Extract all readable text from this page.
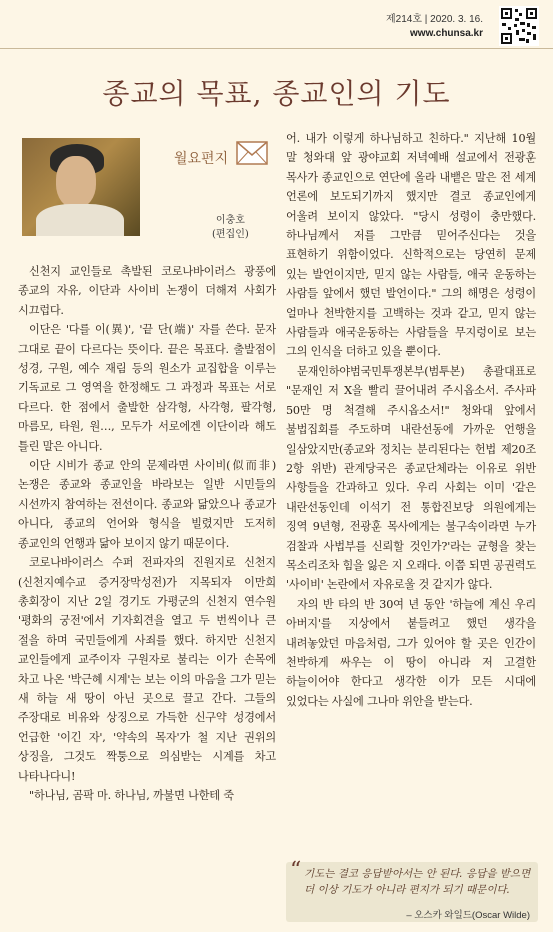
제214호 | 2020. 3. 16.
www.chunsa.kr
종교의 목표, 종교인의 기도
월요편지
이충호
(편집인)

신천지 교인들로 촉발된 코로나바이러스 광풍에 종교의 자유, 이단과 사이비 논쟁이 더해져 사회가 시끄럽다.

이단은 '다를 이(異)', '끝 단(端)' 자를 쓴다. 문자 그대로 끝이 다르다는 뜻이다. 끝은 목표다. 출발점이 성경, 구원, 예수 재림 등의 원소가 교집합을 이루는 기독교로 그 영역을 한정해도 그 과정과 목표는 서로 다르다. 한 점에서 출발한 삼각형, 사각형, 팔각형, 마름모, 타원, 원…, 모두가 서로에겐 이단이라 해도 틀린 말은 아니다.

이단 시비가 종교 안의 문제라면 사이비(似而非) 논쟁은 종교와 종교인을 바라보는 일반 시민들의 시선까지 참여하는 전선이다. 종교와 닮았으나 종교가 아니다, 종교의 언어와 형식을 빌렸지만 도저히 종교인의 언행과 닮아 보이지 않기 때문이다.

코로나바이러스 수퍼 전파자의 진원지로 신천지(신천지예수교 증거장막성전)가 지목되자 이만희 총회장이 지난 2일 경기도 가평군의 신천지 연수원 '평화의 궁전'에서 기자회견을 열고 두 번씩이나 큰 절을 하며 국민들에게 사죄를 했다. 하지만 신천지 교인들에게 교주이자 구원자로 불리는 이가 손목에 차고 나온 '박근혜 시계'는 보는 이의 마음을 그가 믿는 새 하늘 새 땅이 아닌 곳으로 끌고 간다. 그들의 주장대로 비유와 상징으로 가득한 신구약 성경에서 언급한 '이긴 자', '약속의 목자'가 철 지난 권위의 상징을, 그것도 짝퉁으로 의심받는 시계를 차고 나타나다니!

"하나님, 곰팍 마. 하나님, 까불면 나한테 죽

어. 내가 이렇게 하나님하고 친하다." 지난해 10월 말 청와대 앞 광야교회 저녁예배 설교에서 전광훈 목사가 종교인으로 연단에 올라 내뱉은 말은 전 세계 언론에 보도되기까지 했지만 결코 종교인에게 어울려 보이지 않았다. "당시 성령이 충만했다. 하나님께서 저를 그만큼 믿어주신다는 것을 표현하기 위함이었다. 신학적으로는 당연히 문제 있는 발언이지만, 믿지 않는 사람들, 애국 운동하는 사람들 앞에서 했던 발언이다." 그의 해명은 성령이 얼마나 천박한지를 고백하는 것과 같고, 믿지 않는 사람들과 애국운동하는 사람들을 무지렁이로 보는 그의 인식을 더하고 있을 뿐이다.

문재인하야범국민투쟁본부(범투본) 총괄대표로 "문재인 저 X을 빨리 끌어내려 주시옵소서. 주사파 50만 명 척결해 주시옵소서!" 청와대 앞에서 불법집회를 주도하며 내란선동에 가까운 언행을 일삼았지만(종교와 정치는 분리된다는 헌법 제20조 2항 위반) 관계당국은 종교단체라는 이유로 위반 사항들을 간과하고 있다. 우리 사회는 이미 '같은 내란선동인데 이석기 전 통합진보당 의원에게는 징역 9년형, 전광훈 목사에게는 불구속이라면 누가 검찰과 사법부를 신뢰할 것인가?'라는 균형을 찾는 목소리조차 힘을 잃은 지 오래다. 이쯤 되면 공권력도 '사이비' 논란에서 자유로울 것 같지가 않다.

자의 반 타의 반 30여 년 동안 '하늘에 계신 우리 아버지'를 지상에서 붙들려고 했던 생각을 내려놓았던 마음처럼, 그가 있어야 할 곳은 인간이 천박하게 싸우는 이 땅이 아니라 저 고결한 하늘이어야 한다고 생각한 이가 모든 시대에 있었다는 사실에 그나마 위안을 받는다.

“ 기도는 결코 응답받아서는 안 된다. 응답을 받으면 더 이상 기도가 아니라 편지가 되기 때문이다.
– 오스카 와일드(Oscar Wilde)
